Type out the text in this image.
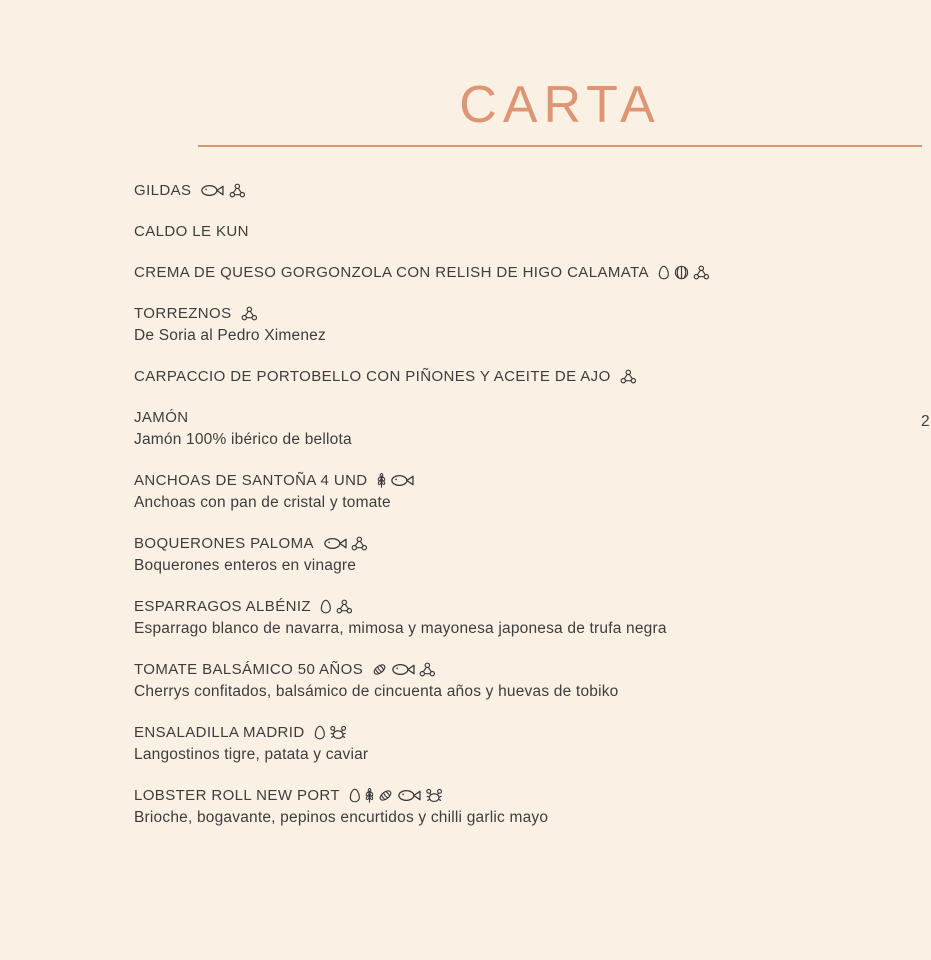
CARTA
GILDAS
CALDO LE KUN
CREMA DE QUESO GORGONZOLA CON RELISH DE HIGO CALAMATA
TORREZNOS
De Soria al Pedro Ximenez
CARPACCIO DE PORTOBELLO CON PIÑONES Y ACEITE DE AJO
JAMÓN
Jamón 100% ibérico de bellota
ANCHOAS DE SANTOÑA 4 UND
Anchoas con pan de cristal y tomate
BOQUERONES PALOMA
Boquerones enteros en vinagre
ESPARRAGOS ALBÉNIZ
Esparrago blanco de navarra, mimosa y mayonesa japonesa de trufa negra
TOMATE BALSÁMICO 50 AÑOS
Cherrys confitados, balsámico de cincuenta años y huevas de tobiko
ENSALADILLA MADRID
Langostinos tigre, patata y caviar
LOBSTER ROLL NEW PORT
Brioche, bogavante, pepinos encurtidos y chilli garlic mayo
2
